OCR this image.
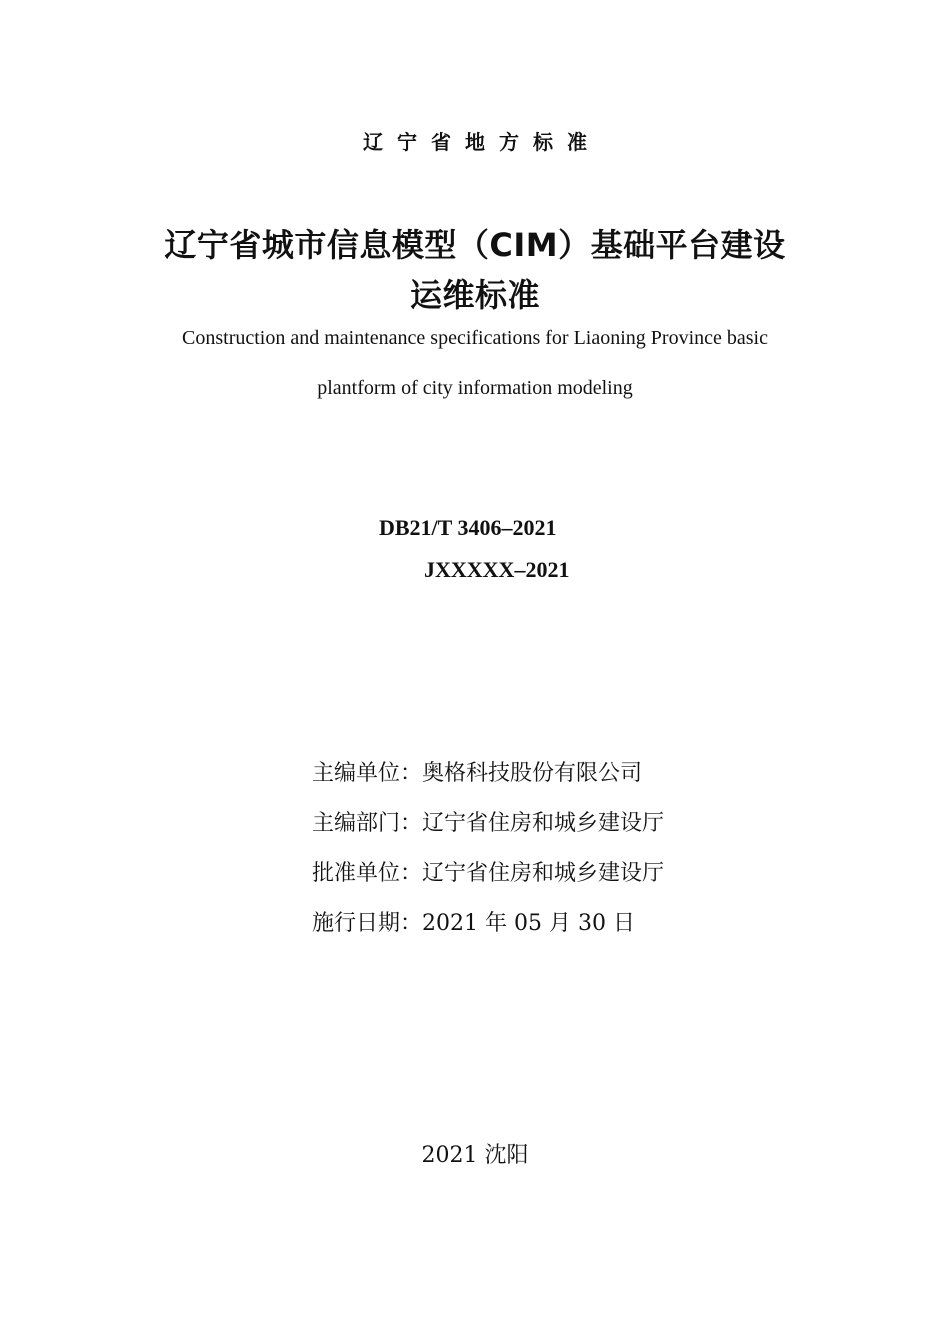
辽宁省地方标准
辽宁省城市信息模型（CIM）基础平台建设
运维标准
Construction and maintenance specifications for Liaoning Province basic
plantform of city information modeling
DB21/T 3406–2021
JXXXXX–2021
主编单位：奥格科技股份有限公司
主编部门：辽宁省住房和城乡建设厅
批准单位：辽宁省住房和城乡建设厅
施行日期：2021 年 05 月 30 日
2021 沈阳
